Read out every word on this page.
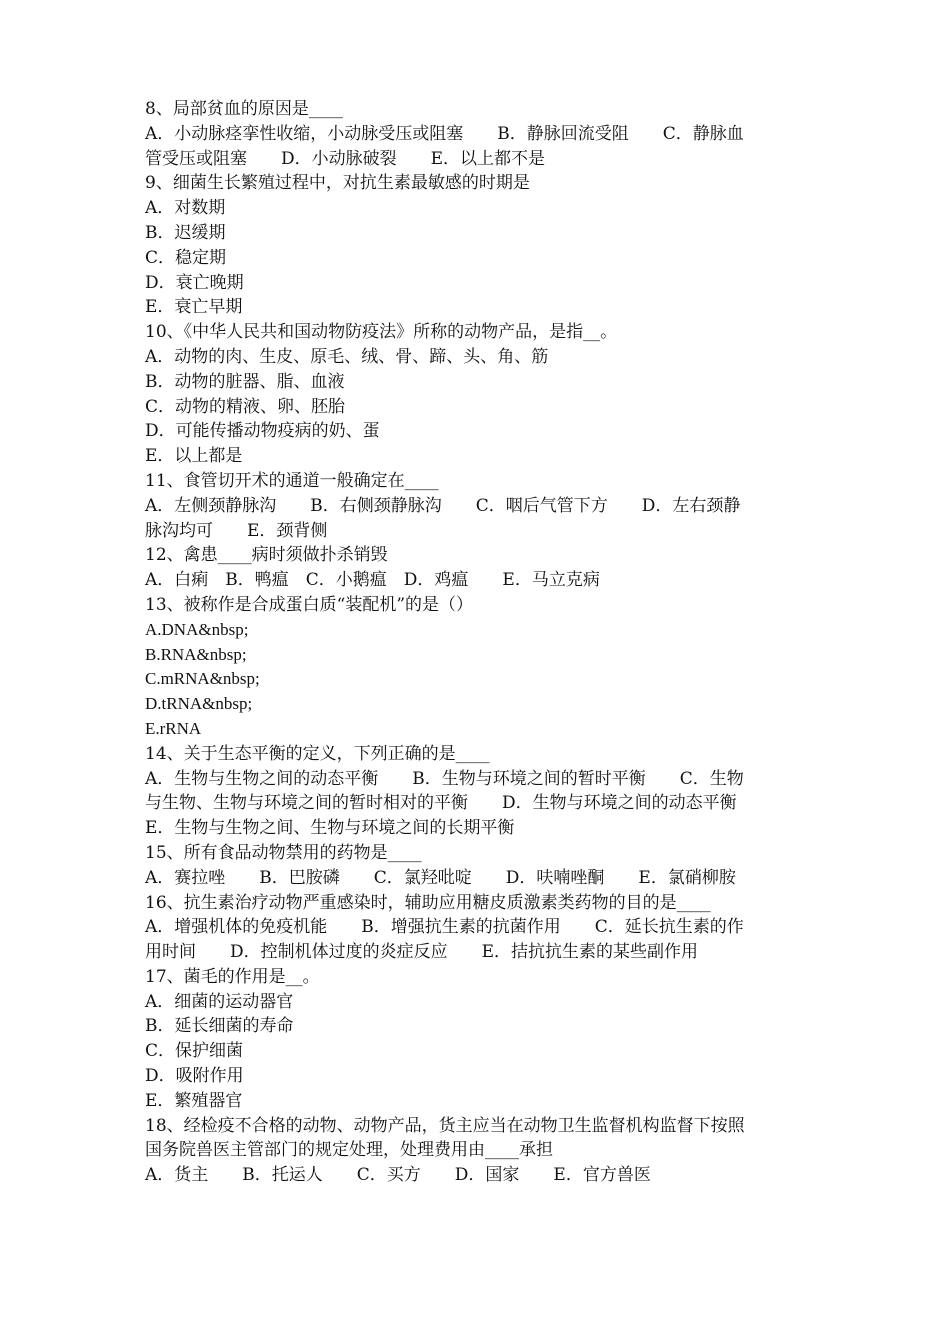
8、局部贫血的原因是____
A．小动脉痉挛性收缩，小动脉受压或阻塞　　B．静脉回流受阻　　C．静脉血
管受压或阻塞　　D．小动脉破裂　　E．以上都不是
9、细菌生长繁殖过程中，对抗生素最敏感的时期是
A．对数期
B．迟缓期
C．稳定期
D．衰亡晚期
E．衰亡早期
10、《中华人民共和国动物防疫法》所称的动物产品，是指__。
A．动物的肉、生皮、原毛、绒、骨、蹄、头、角、筋
B．动物的脏器、脂、血液
C．动物的精液、卵、胚胎
D．可能传播动物疫病的奶、蛋
E．以上都是
11、食管切开术的通道一般确定在____
A．左侧颈静脉沟　　B．右侧颈静脉沟　　C．咽后气管下方　　D．左右颈静
脉沟均可　　E．颈背侧
12、禽患____病时须做扑杀销毁
A．白痢　B．鸭瘟　C．小鹅瘟　D．鸡瘟　　E．马立克病
13、被称作是合成蛋白质“装配机”的是（）
A.DNA&nbsp;
B.RNA&nbsp;
C.mRNA&nbsp;
D.tRNA&nbsp;
E.rRNA
14、关于生态平衡的定义，下列正确的是____
A．生物与生物之间的动态平衡　　B．生物与环境之间的暂时平衡　　C．生物
与生物、生物与环境之间的暂时相对的平衡　　D．生物与环境之间的动态平衡
E．生物与生物之间、生物与环境之间的长期平衡
15、所有食品动物禁用的药物是____
A．赛拉唑　　B．巴胺磷　　C．氯羟吡啶　　D．呋喃唑酮　　E．氯硝柳胺
16、抗生素治疗动物严重感染时，辅助应用糖皮质激素类药物的目的是____
A．增强机体的免疫机能　　B．增强抗生素的抗菌作用　　C．延长抗生素的作
用时间　　D．控制机体过度的炎症反应　　E．拮抗抗生素的某些副作用
17、菌毛的作用是__。
A．细菌的运动器官
B．延长细菌的寿命
C．保护细菌
D．吸附作用
E．繁殖器官
18、经检疫不合格的动物、动物产品，货主应当在动物卫生监督机构监督下按照
国务院兽医主管部门的规定处理，处理费用由____承担
A．货主　　B．托运人　　C．买方　　D．国家　　E．官方兽医
